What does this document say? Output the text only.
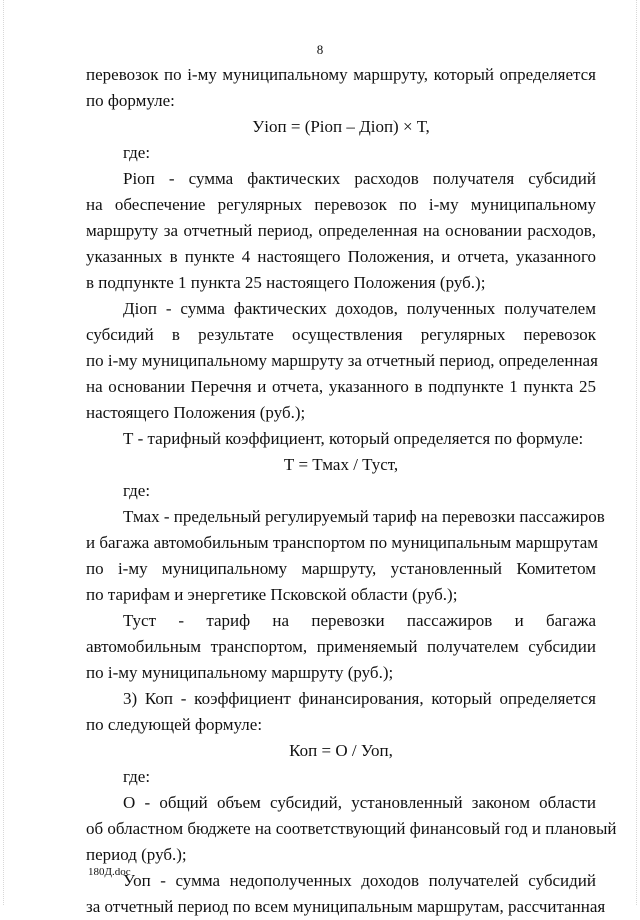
8
перевозок по i-му муниципальному маршруту, который определяется
по формуле:
Уiоп = (Piоп – Дiоп) × Т,
где:
Piоп - сумма фактических расходов получателя субсидий
на обеспечение регулярных перевозок по i-му муниципальному
маршруту за отчетный период, определенная на основании расходов,
указанных в пункте 4 настоящего Положения, и отчета, указанного
в подпункте 1 пункта 25 настоящего Положения (руб.);
Дiоп - сумма фактических доходов, полученных получателем
субсидий в результате осуществления регулярных перевозок
по i-му муниципальному маршруту за отчетный период, определенная
на основании Перечня и отчета, указанного в подпункте 1 пункта 25
настоящего Положения (руб.);
Т - тарифный коэффициент, который определяется по формуле:
Т = Тмах / Туст,
где:
Тмах - предельный регулируемый тариф на перевозки пассажиров
и багажа автомобильным транспортом по муниципальным маршрутам
по i-му муниципальному маршруту, установленный Комитетом
по тарифам и энергетике Псковской области (руб.);
Туст - тариф на перевозки пассажиров и багажа
автомобильным транспортом, применяемый получателем субсидии
по i-му муниципальному маршруту (руб.);
3) Коп - коэффициент финансирования, который определяется
по следующей формуле:
Коп = О / Уоп,
где:
О - общий объем субсидий, установленный законом области
об областном бюджете на соответствующий финансовый год и плановый
период (руб.);
Уоп - сумма недополученных доходов получателей субсидий
за отчетный период по всем муниципальным маршрутам, рассчитанная
180Д.doc
